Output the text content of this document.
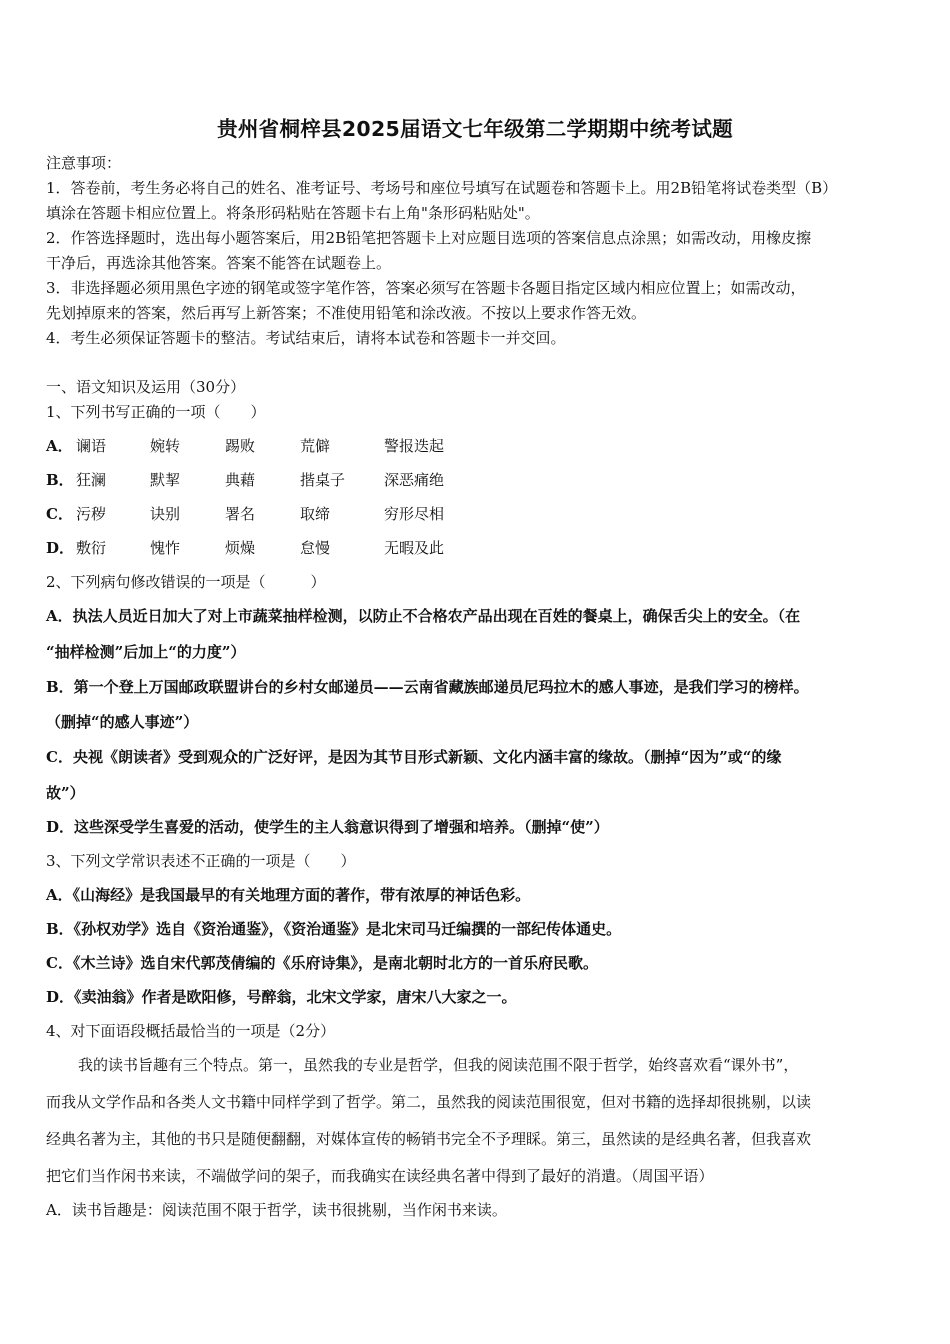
贵州省桐梓县2025届语文七年级第二学期期中统考试题
注意事项：
1．答卷前，考生务必将自己的姓名、准考证号、考场号和座位号填写在试题卷和答题卡上。用2B铅笔将试卷类型（B）
填涂在答题卡相应位置上。将条形码粘贴在答题卡右上角"条形码粘贴处"。
2．作答选择题时，选出每小题答案后，用2B铅笔把答题卡上对应题目选项的答案信息点涂黑；如需改动，用橡皮擦
干净后，再选涂其他答案。答案不能答在试题卷上。
3．非选择题必须用黑色字迹的钢笔或签字笔作答，答案必须写在答题卡各题目指定区域内相应位置上；如需改动，
先划掉原来的答案，然后再写上新答案；不准使用铅笔和涂改液。不按以上要求作答无效。
4．考生必须保证答题卡的整洁。考试结束后，请将本试卷和答题卡一并交回。
一、语文知识及运用（30分）
1、下列书写正确的一项（　　）
A． 谰语	婉转	踢败	荒僻	警报迭起
B． 狂澜	默挈	典藉	揩桌子	深恶痛绝
C． 污秽	诀别	署名	取缔	穷形尽相
D． 敷衍	愧怍	烦燥	怠慢	无暇及此
2、下列病句修改错误的一项是（　　　）
A．执法人员近日加大了对上市蔬菜抽样检测，以防止不合格农产品出现在百姓的餐桌上，确保舌尖上的安全。（在
“抽样检测”后加上“的力度”）
B．第一个登上万国邮政联盟讲台的乡村女邮递员——云南省藏族邮递员尼玛拉木的感人事迹，是我们学习的榜样。
（删掉“的感人事迹”）
C．央视《朗读者》受到观众的广泛好评，是因为其节目形式新颖、文化内涵丰富的缘故。（删掉“因为”或“的缘
故”）
D．这些深受学生喜爱的活动，使学生的主人翁意识得到了增强和培养。（删掉“使”）
3、下列文学常识表述不正确的一项是（　　）
A．《山海经》是我国最早的有关地理方面的著作，带有浓厚的神话色彩。
B．《孙权劝学》选自《资治通鉴》，《资治通鉴》是北宋司马迁编撰的一部纪传体通史。
C．《木兰诗》选自宋代郭茂倩编的《乐府诗集》，是南北朝时北方的一首乐府民歌。
D．《卖油翁》作者是欧阳修，号醉翁，北宋文学家，唐宋八大家之一。
4、对下面语段概括最恰当的一项是（2分）
我的读书旨趣有三个特点。第一，虽然我的专业是哲学，但我的阅读范围不限于哲学，始终喜欢看“课外书”，
而我从文学作品和各类人文书籍中同样学到了哲学。第二，虽然我的阅读范围很宽，但对书籍的选择却很挑剔，以读
经典名著为主，其他的书只是随便翻翻，对媒体宣传的畅销书完全不予理睬。第三，虽然读的是经典名著，但我喜欢
把它们当作闲书来读，不端做学问的架子，而我确实在读经典名著中得到了最好的消遣。（周国平语）
A．读书旨趣是：阅读范围不限于哲学，读书很挑剔，当作闲书来读。
